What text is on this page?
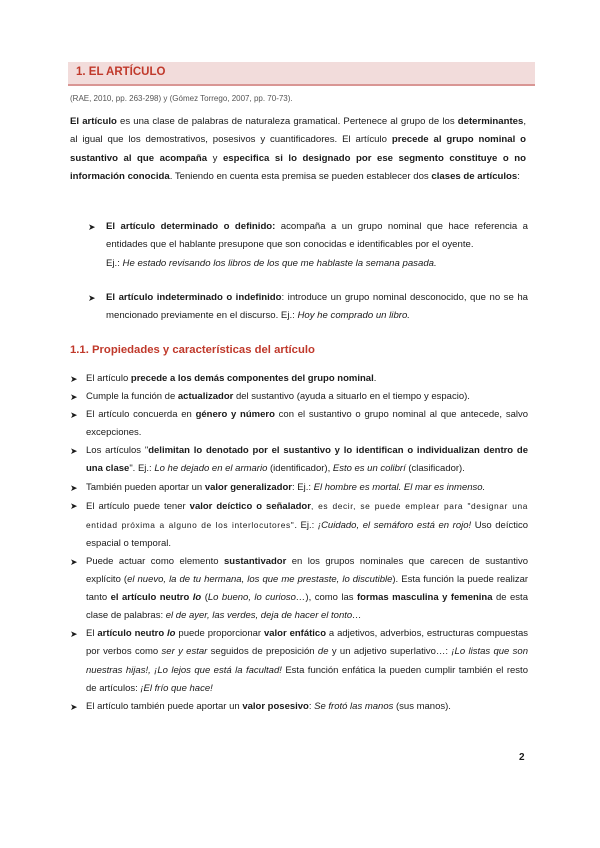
1. EL ARTÍCULO
(RAE, 2010, pp. 263-298) y (Gómez Torrego, 2007, pp. 70-73).
El artículo es una clase de palabras de naturaleza gramatical. Pertenece al grupo de los determinantes, al igual que los demostrativos, posesivos y cuantificadores. El artículo precede al grupo nominal o sustantivo al que acompaña y especifica si lo designado por ese segmento constituye o no información conocida. Teniendo en cuenta esta premisa se pueden establecer dos clases de artículos:
➤ El artículo determinado o definido: acompaña a un grupo nominal que hace referencia a entidades que el hablante presupone que son conocidas e identificables por el oyente.
Ej.: He estado revisando los libros de los que me hablaste la semana pasada.
➤ El artículo indeterminado o indefinido: introduce un grupo nominal desconocido, que no se ha mencionado previamente en el discurso. Ej.: Hoy he comprado un libro.
1.1. Propiedades y características del artículo
➤ El artículo precede a los demás componentes del grupo nominal.
➤ Cumple la función de actualizador del sustantivo (ayuda a situarlo en el tiempo y espacio).
➤ El artículo concuerda en género y número con el sustantivo o grupo nominal al que antecede, salvo excepciones.
➤ Los artículos "delimitan lo denotado por el sustantivo y lo identifican o individualizan dentro de una clase". Ej.: Lo he dejado en el armario (identificador), Esto es un colibrí (clasificador).
➤ También pueden aportar un valor generalizador: Ej.: El hombre es mortal. El mar es inmenso.
➤ El artículo puede tener valor deíctico o señalador, es decir, se puede emplear para "designar una entidad próxima a alguno de los interlocutores". Ej.: ¡Cuidado, el semáforo está en rojo! Uso deíctico espacial o temporal.
➤ Puede actuar como elemento sustantivador en los grupos nominales que carecen de sustantivo explícito (el nuevo, la de tu hermana, los que me prestaste, lo discutible). Esta función la puede realizar tanto el artículo neutro lo (Lo bueno, lo curioso…), como las formas masculina y femenina de esta clase de palabras: el de ayer, las verdes, deja de hacer el tonto…
➤ El artículo neutro lo puede proporcionar valor enfático a adjetivos, adverbios, estructuras compuestas por verbos como ser y estar seguidos de preposición de y un adjetivo superlativo…: ¡Lo listas que son nuestras hijas!, ¡Lo lejos que está la facultad! Esta función enfática la pueden cumplir también el resto de artículos: ¡El frío que hace!
➤ El artículo también puede aportar un valor posesivo: Se frotó las manos (sus manos).
2
